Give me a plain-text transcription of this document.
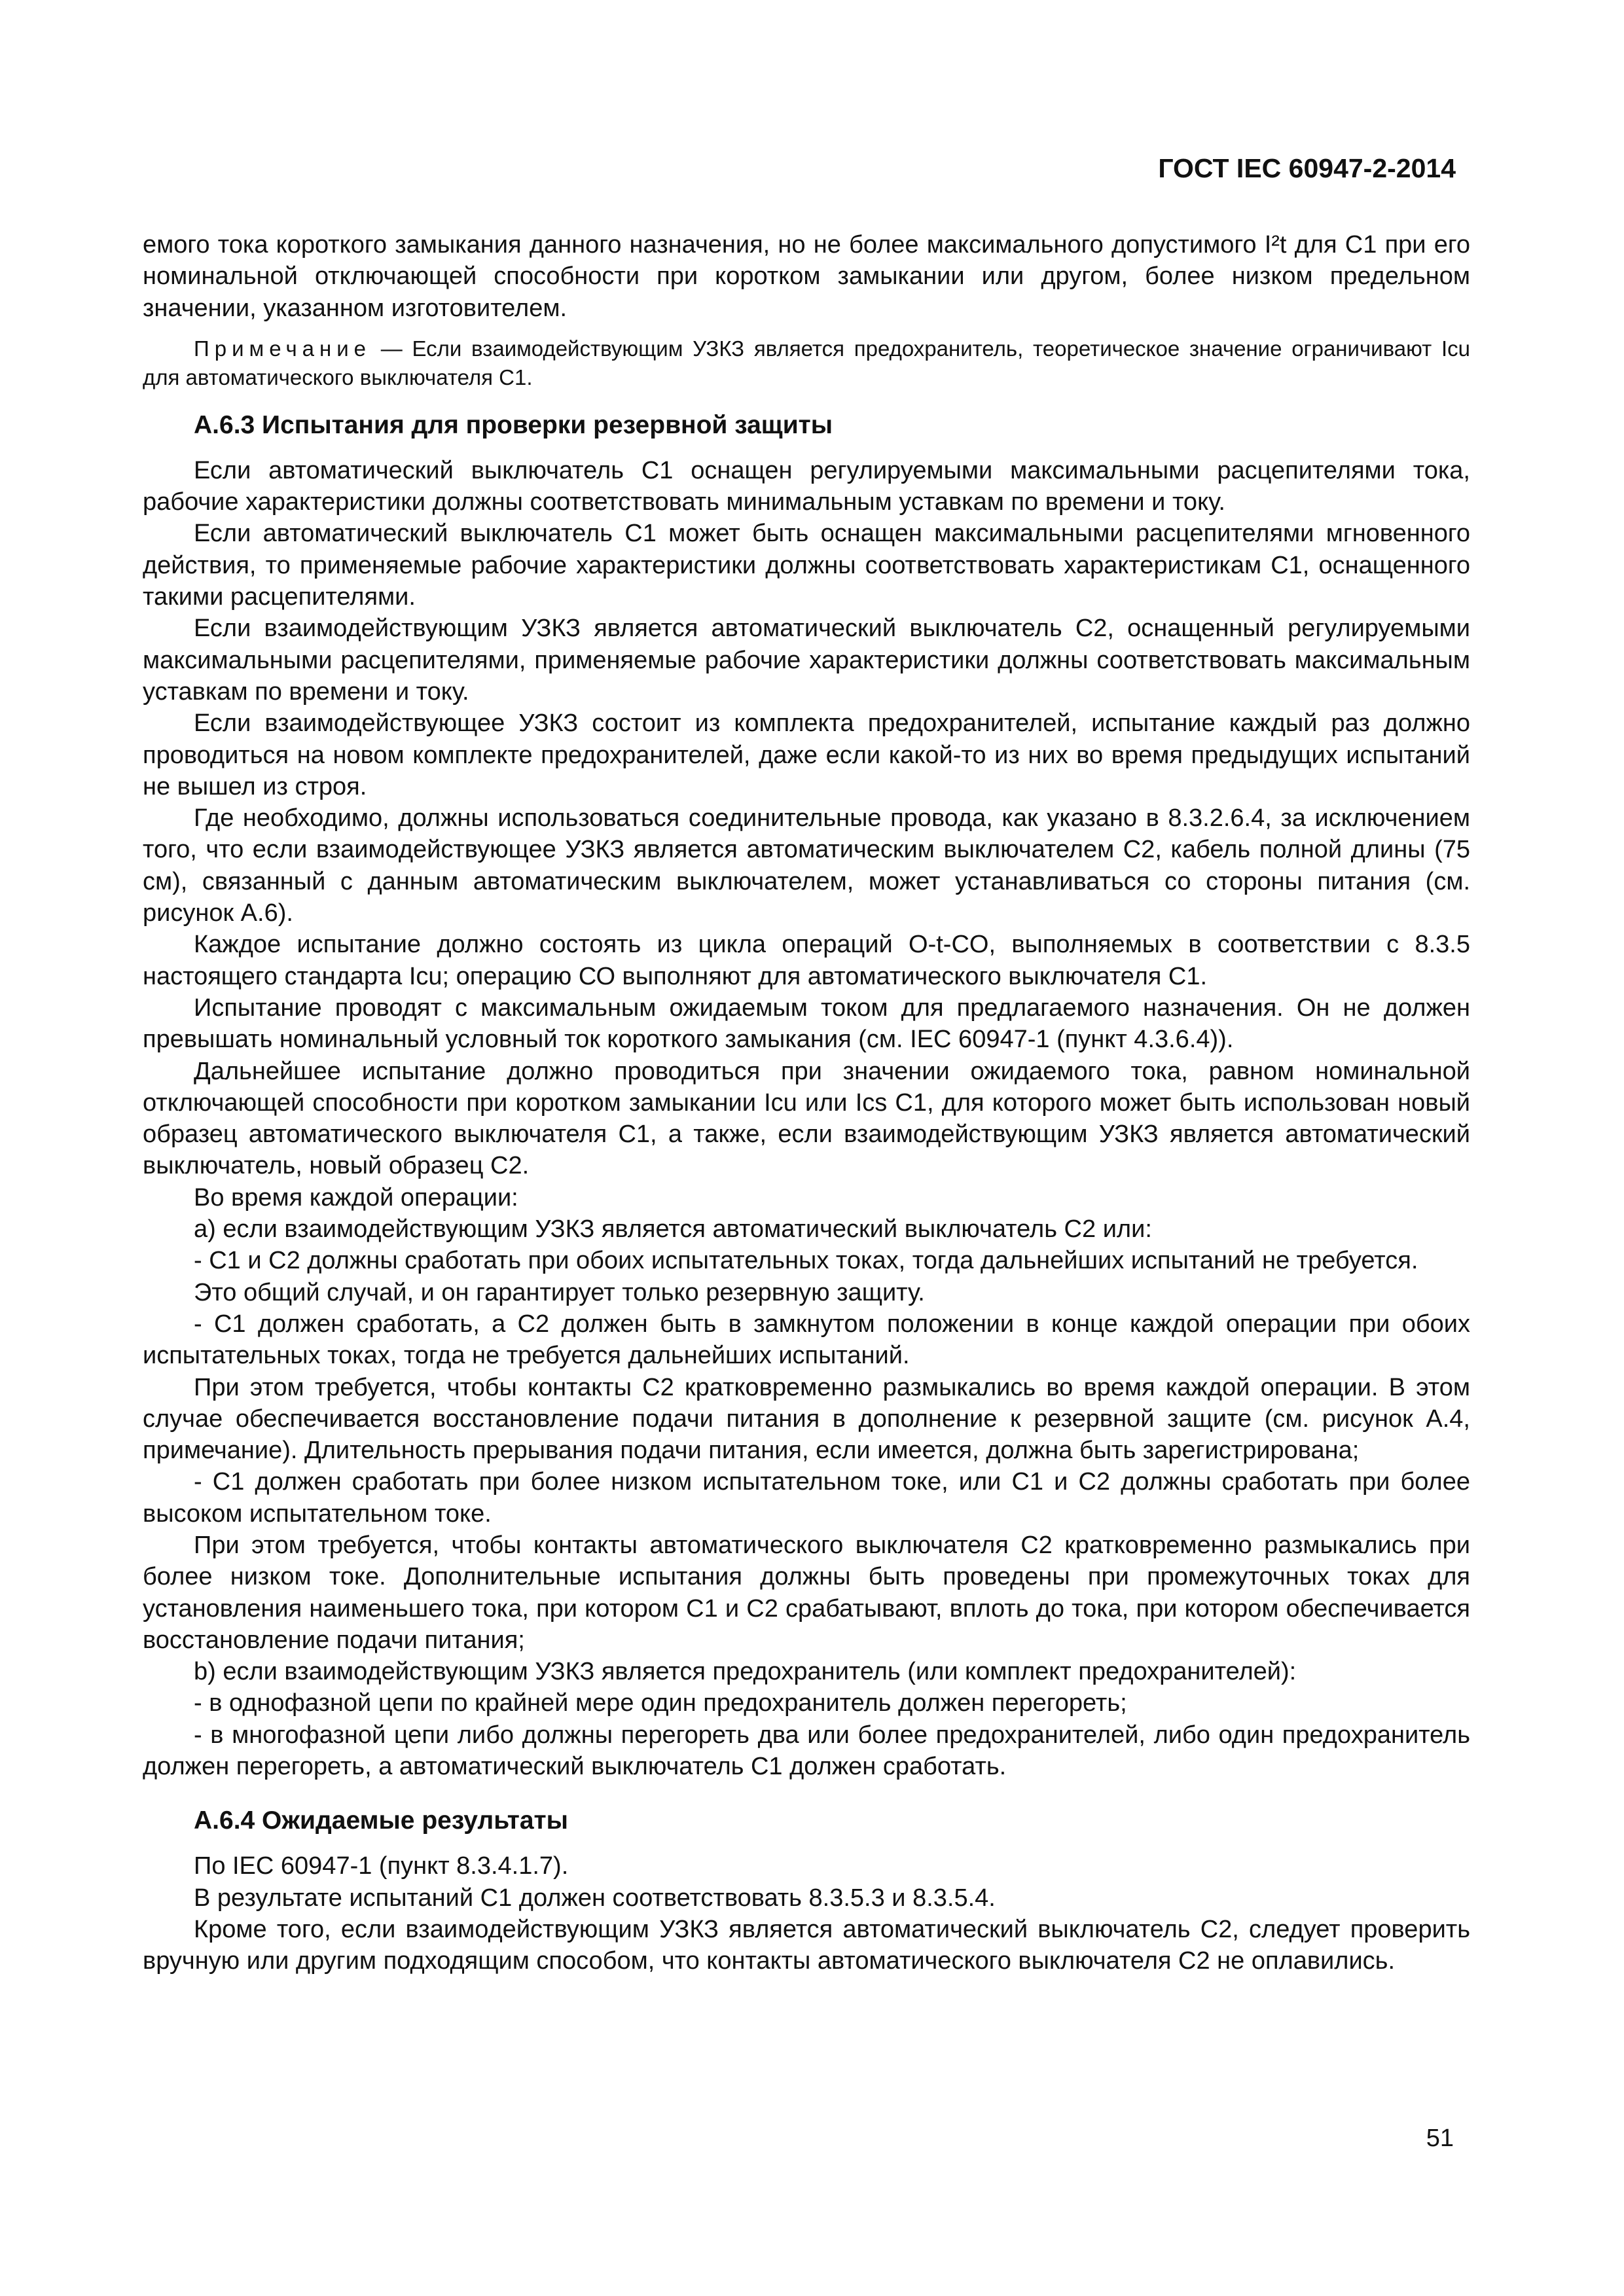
ГОСТ IEC 60947-2-2014

емого тока короткого замыкания данного назначения, но не более максимального допустимого I²t для С1 при его номинальной отключающей способности при коротком замыкании или другом, более низком предельном значении, указанном изготовителем.

Примечание — Если взаимодействующим УЗКЗ является предохранитель, теоретическое значение ограничивают Icu для автоматического выключателя С1.
А.6.3 Испытания для проверки резервной защиты

Если автоматический выключатель С1 оснащен регулируемыми максимальными расцепителями тока, рабочие характеристики должны соответствовать минимальным уставкам по времени и току.

Если автоматический выключатель С1 может быть оснащен максимальными расцепителями мгновенного действия, то применяемые рабочие характеристики должны соответствовать характеристикам С1, оснащенного такими расцепителями.

Если взаимодействующим УЗКЗ является автоматический выключатель С2, оснащенный регулируемыми максимальными расцепителями, применяемые рабочие характеристики должны соответствовать максимальным уставкам по времени и току.

Если взаимодействующее УЗКЗ состоит из комплекта предохранителей, испытание каждый раз должно проводиться на новом комплекте предохранителей, даже если какой-то из них во время предыдущих испытаний не вышел из строя.

Где необходимо, должны использоваться соединительные провода, как указано в 8.3.2.6.4, за исключением того, что если взаимодействующее УЗКЗ является автоматическим выключателем С2, кабель полной длины (75 см), связанный с данным автоматическим выключателем, может устанавливаться со стороны питания (см. рисунок А.6).

Каждое испытание должно состоять из цикла операций O-t-CO, выполняемых в соответствии с 8.3.5 настоящего стандарта Icu; операцию СО выполняют для автоматического выключателя С1.

Испытание проводят с максимальным ожидаемым током для предлагаемого назначения. Он не должен превышать номинальный условный ток короткого замыкания (см. IEC 60947-1 (пункт 4.3.6.4)).

Дальнейшее испытание должно проводиться при значении ожидаемого тока, равном номинальной отключающей способности при коротком замыкании Icu или Ics С1, для которого может быть использован новый образец автоматического выключателя С1, а также, если взаимодействующим УЗКЗ является автоматический выключатель, новый образец С2.

Во время каждой операции:

a) если взаимодействующим УЗКЗ является автоматический выключатель С2 или:

- С1 и С2 должны сработать при обоих испытательных токах, тогда дальнейших испытаний не требуется.

Это общий случай, и он гарантирует только резервную защиту.

- С1 должен сработать, а С2 должен быть в замкнутом положении в конце каждой операции при обоих испытательных токах, тогда не требуется дальнейших испытаний.

При этом требуется, чтобы контакты С2 кратковременно размыкались во время каждой операции. В этом случае обеспечивается восстановление подачи питания в дополнение к резервной защите (см. рисунок А.4, примечание). Длительность прерывания подачи питания, если имеется, должна быть зарегистрирована;

- С1 должен сработать при более низком испытательном токе, или С1 и С2 должны сработать при более высоком испытательном токе.

При этом требуется, чтобы контакты автоматического выключателя С2 кратковременно размыкались при более низком токе. Дополнительные испытания должны быть проведены при промежуточных токах для установления наименьшего тока, при котором С1 и С2 срабатывают, вплоть до тока, при котором обеспечивается восстановление подачи питания;

b) если взаимодействующим УЗКЗ является предохранитель (или комплект предохранителей):

- в однофазной цепи по крайней мере один предохранитель должен перегореть;

- в многофазной цепи либо должны перегореть два или более предохранителей, либо один предохранитель должен перегореть, а автоматический выключатель С1 должен сработать.

А.6.4 Ожидаемые результаты

По IEC 60947-1 (пункт 8.3.4.1.7).

В результате испытаний С1 должен соответствовать 8.3.5.3 и 8.3.5.4.

Кроме того, если взаимодействующим УЗКЗ является автоматический выключатель С2, следует проверить вручную или другим подходящим способом, что контакты автоматического выключателя С2 не оплавились.

51
